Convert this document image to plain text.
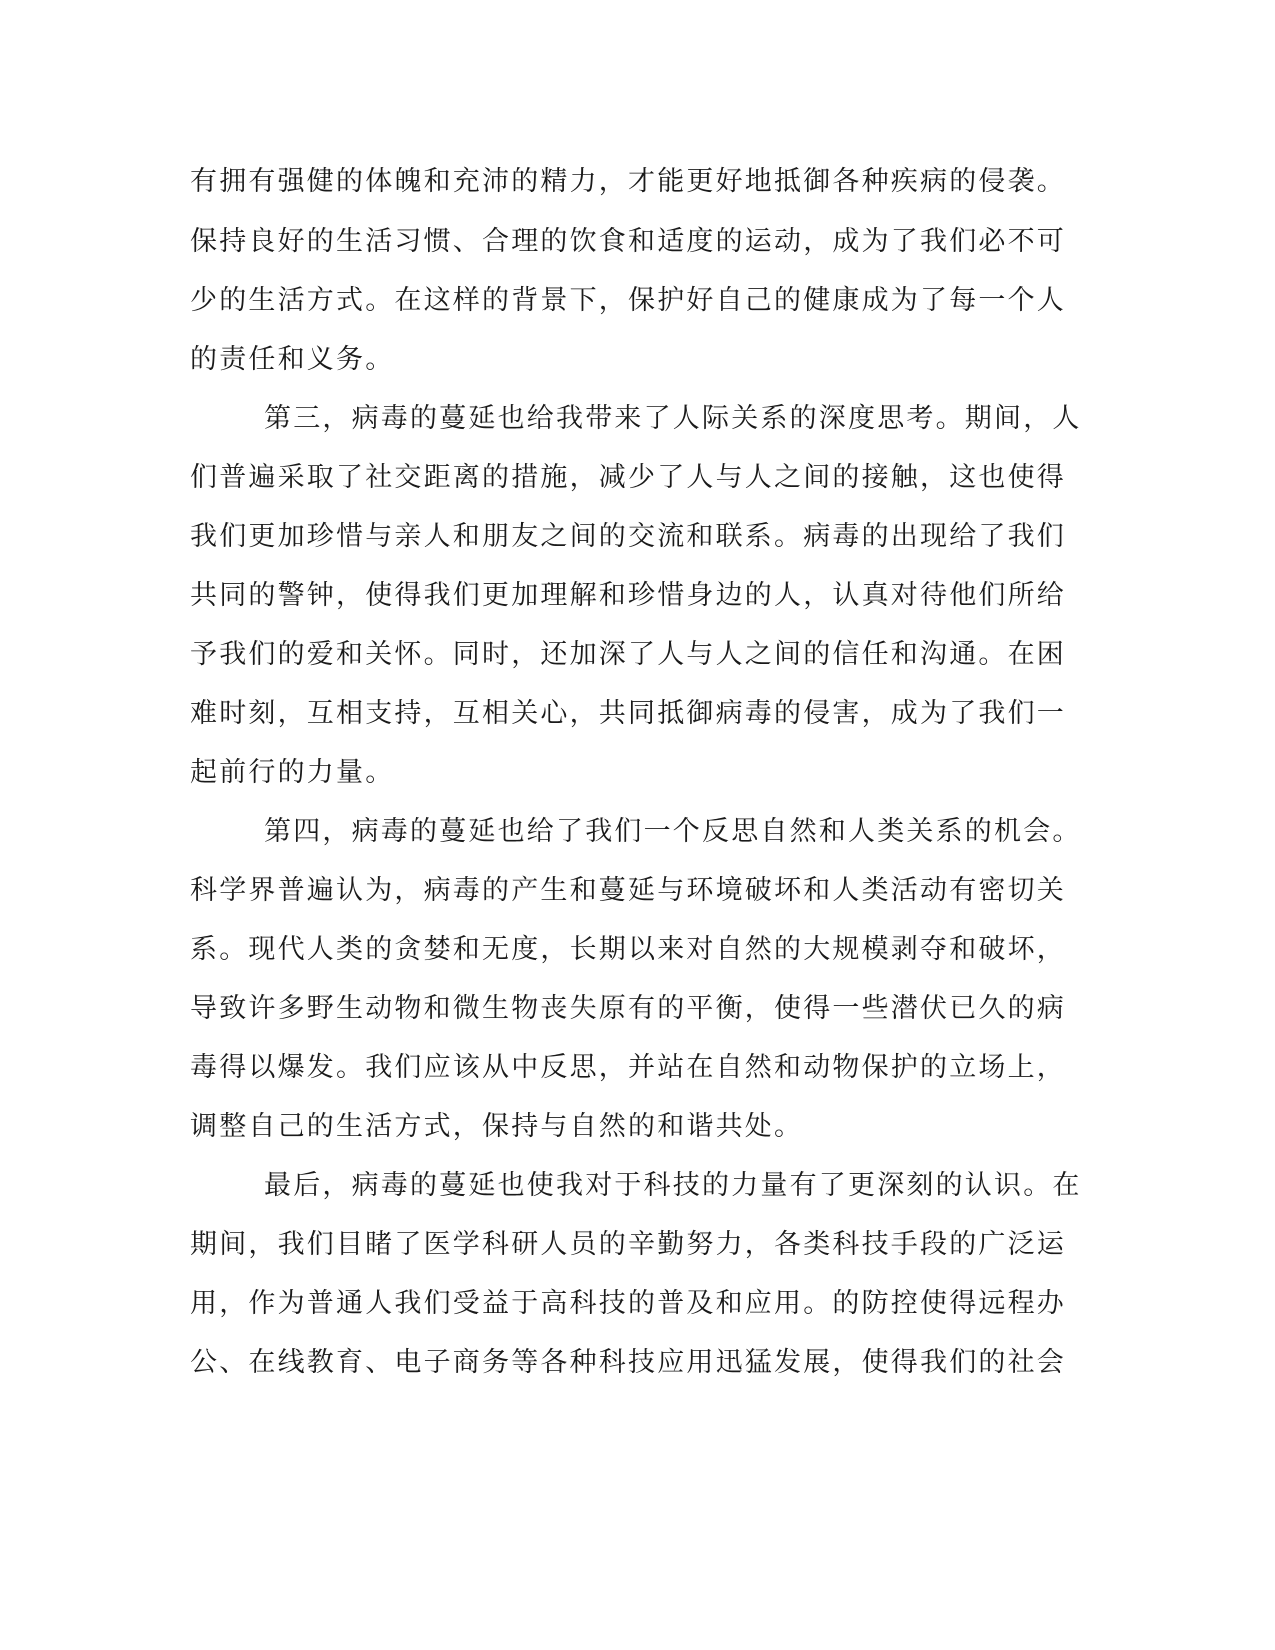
有拥有强健的体魄和充沛的精力，才能更好地抵御各种疾病的侵袭。
保持良好的生活习惯、合理的饮食和适度的运动，成为了我们必不可
少的生活方式。在这样的背景下，保护好自己的健康成为了每一个人
的责任和义务。
第三，病毒的蔓延也给我带来了人际关系的深度思考。期间，人
们普遍采取了社交距离的措施，减少了人与人之间的接触，这也使得
我们更加珍惜与亲人和朋友之间的交流和联系。病毒的出现给了我们
共同的警钟，使得我们更加理解和珍惜身边的人，认真对待他们所给
予我们的爱和关怀。同时，还加深了人与人之间的信任和沟通。在困
难时刻，互相支持，互相关心，共同抵御病毒的侵害，成为了我们一
起前行的力量。
第四，病毒的蔓延也给了我们一个反思自然和人类关系的机会。
科学界普遍认为，病毒的产生和蔓延与环境破坏和人类活动有密切关
系。现代人类的贪婪和无度，长期以来对自然的大规模剥夺和破坏，
导致许多野生动物和微生物丧失原有的平衡，使得一些潜伏已久的病
毒得以爆发。我们应该从中反思，并站在自然和动物保护的立场上，
调整自己的生活方式，保持与自然的和谐共处。
最后，病毒的蔓延也使我对于科技的力量有了更深刻的认识。在
期间，我们目睹了医学科研人员的辛勤努力，各类科技手段的广泛运
用，作为普通人我们受益于高科技的普及和应用。的防控使得远程办
公、在线教育、电子商务等各种科技应用迅猛发展，使得我们的社会
